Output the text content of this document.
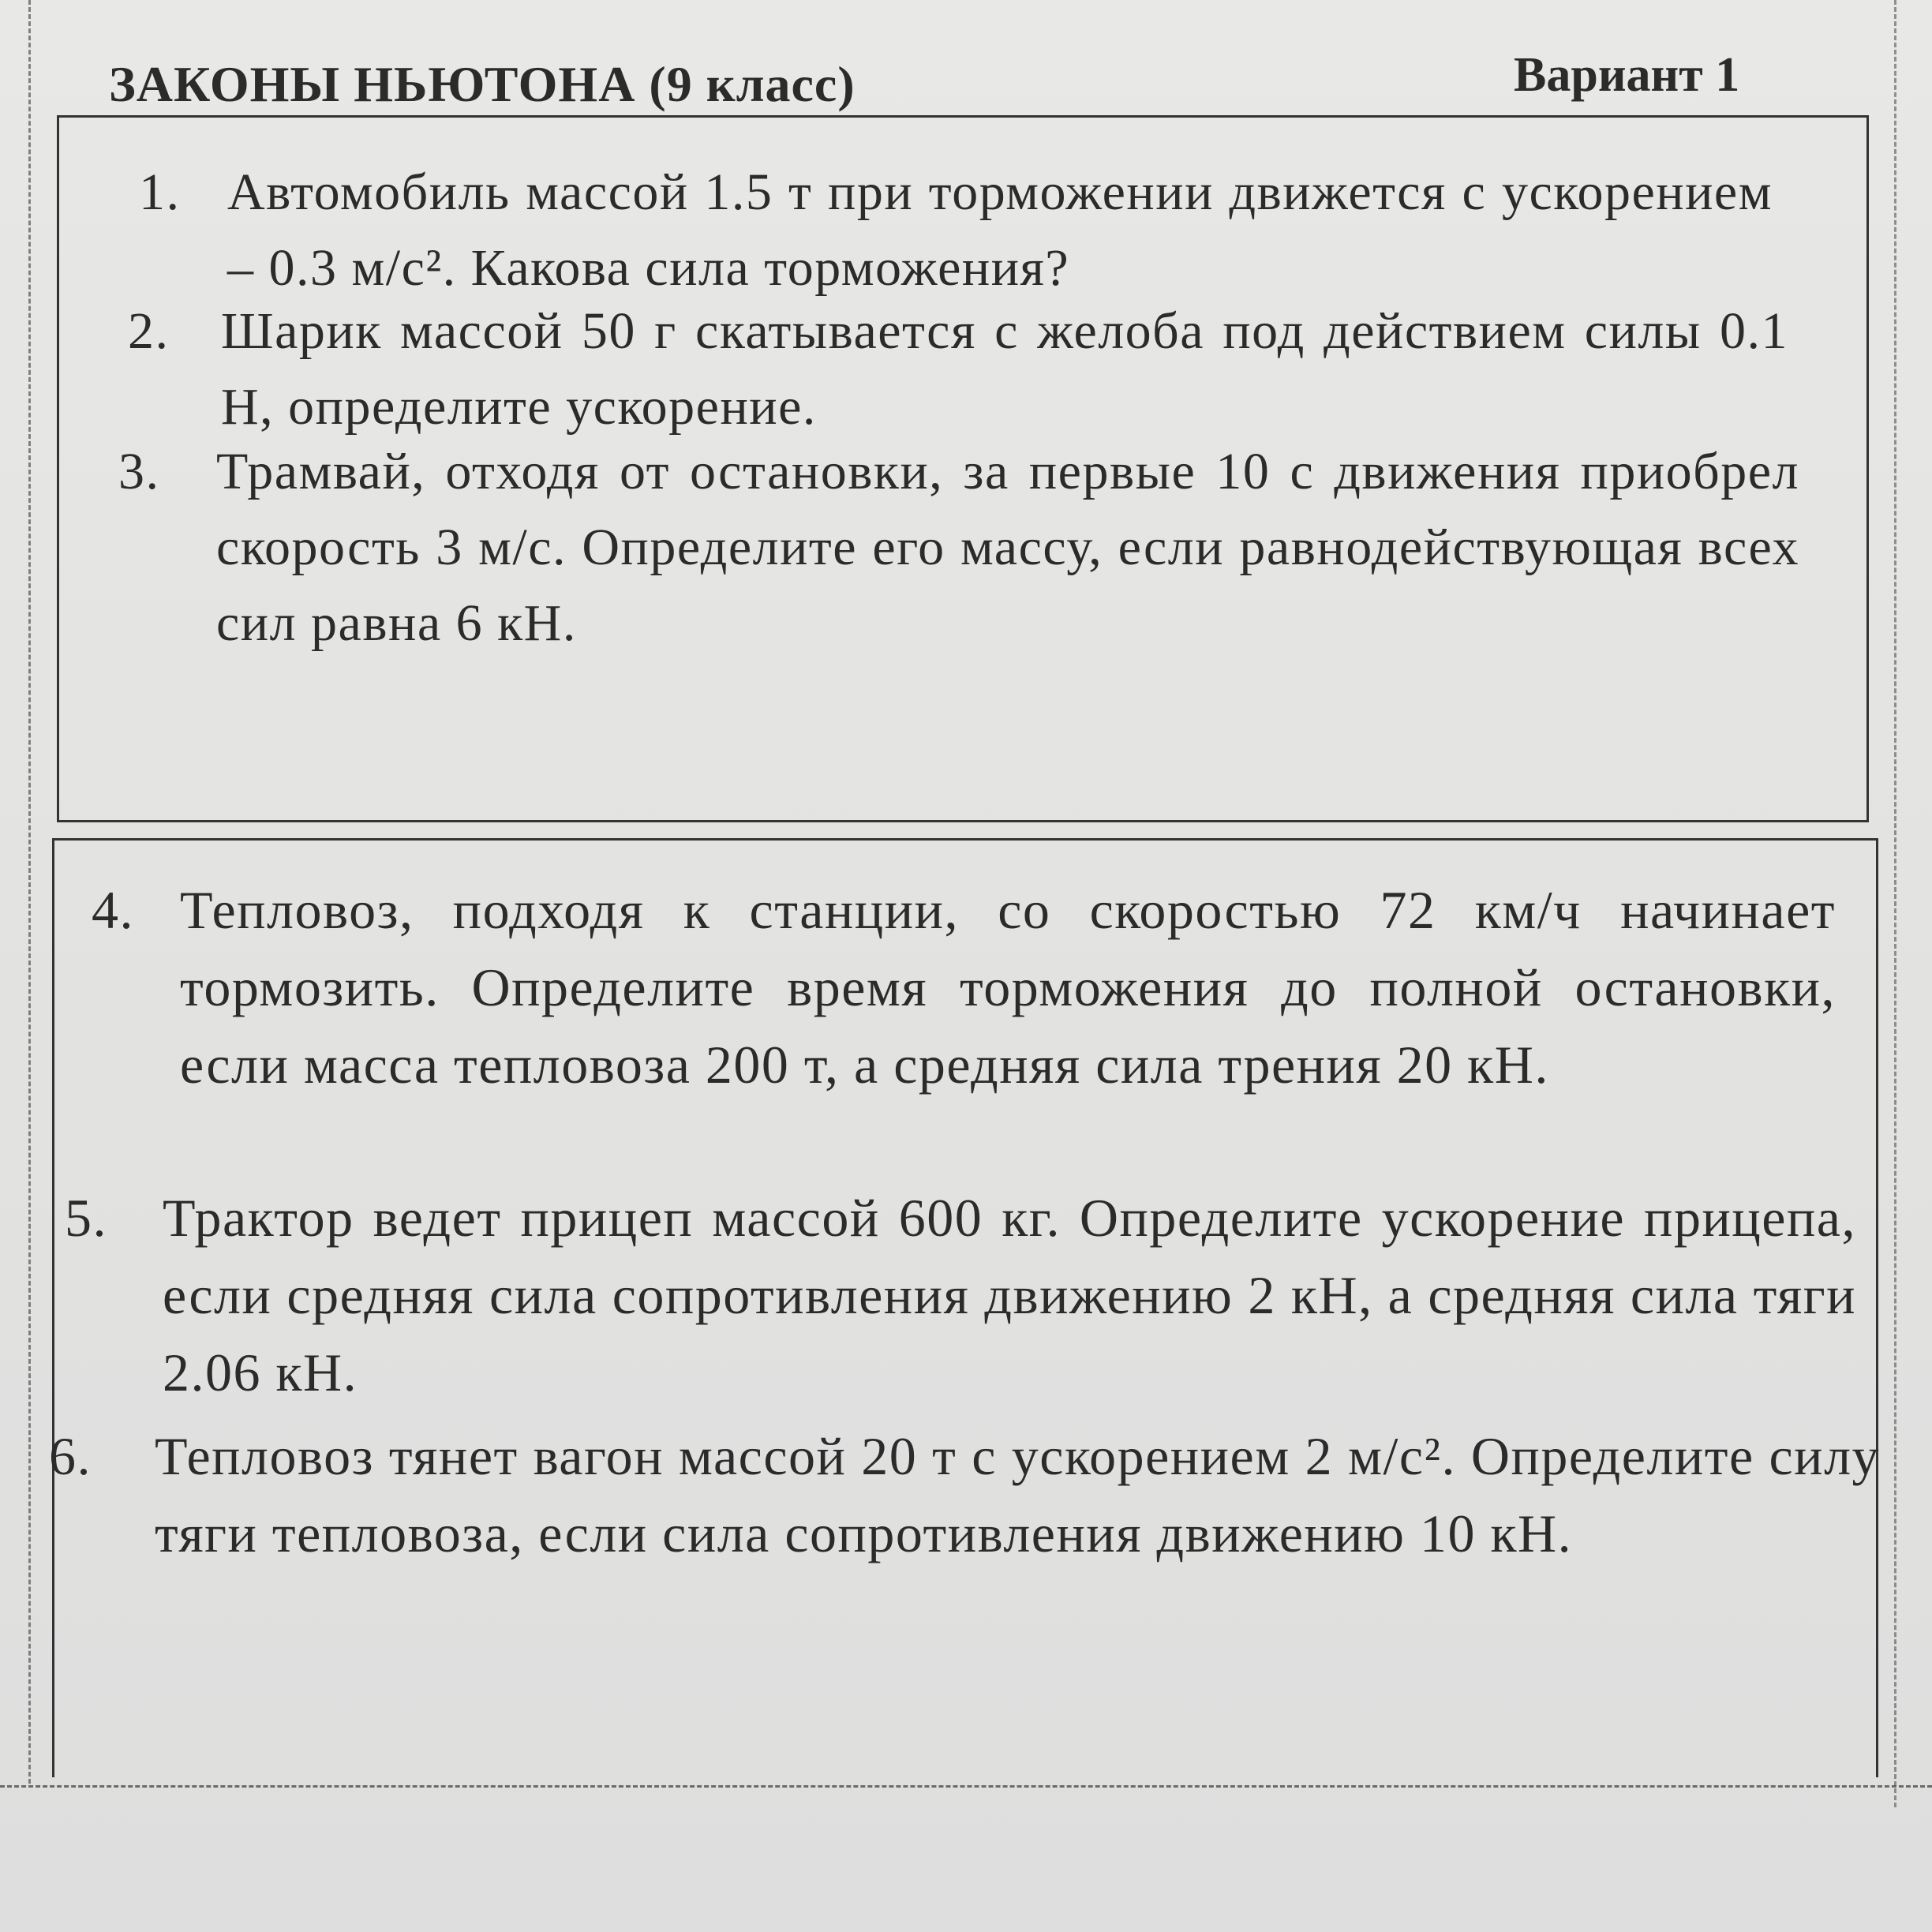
ЗАКОНЫ НЬЮТОНА (9 класс)	Вариант 1
1. Автомобиль массой 1.5 т при торможении движется с ускорением – 0.3 м/с². Какова сила торможения?
2. Шарик массой 50 г скатывается с желоба под действием силы 0.1 Н, определите ускорение.
3. Трамвай, отходя от остановки, за первые 10 с движения приобрел скорость 3 м/с. Определите его массу, если равнодействующая всех сил равна 6 кН.
4. Тепловоз, подходя к станции, со скоростью 72 км/ч начинает тормозить. Определите время торможения до полной остановки, если масса тепловоза 200 т, а средняя сила трения 20 кН.
5. Трактор ведет прицеп массой 600 кг. Определите ускорение прицепа, если средняя сила сопротивления движению 2 кН, а средняя сила тяги 2.06 кН.
6. Тепловоз тянет вагон массой 20 т с ускорением 2 м/с². Определите силу тяги тепловоза, если сила сопротивления движению 10 кН.
